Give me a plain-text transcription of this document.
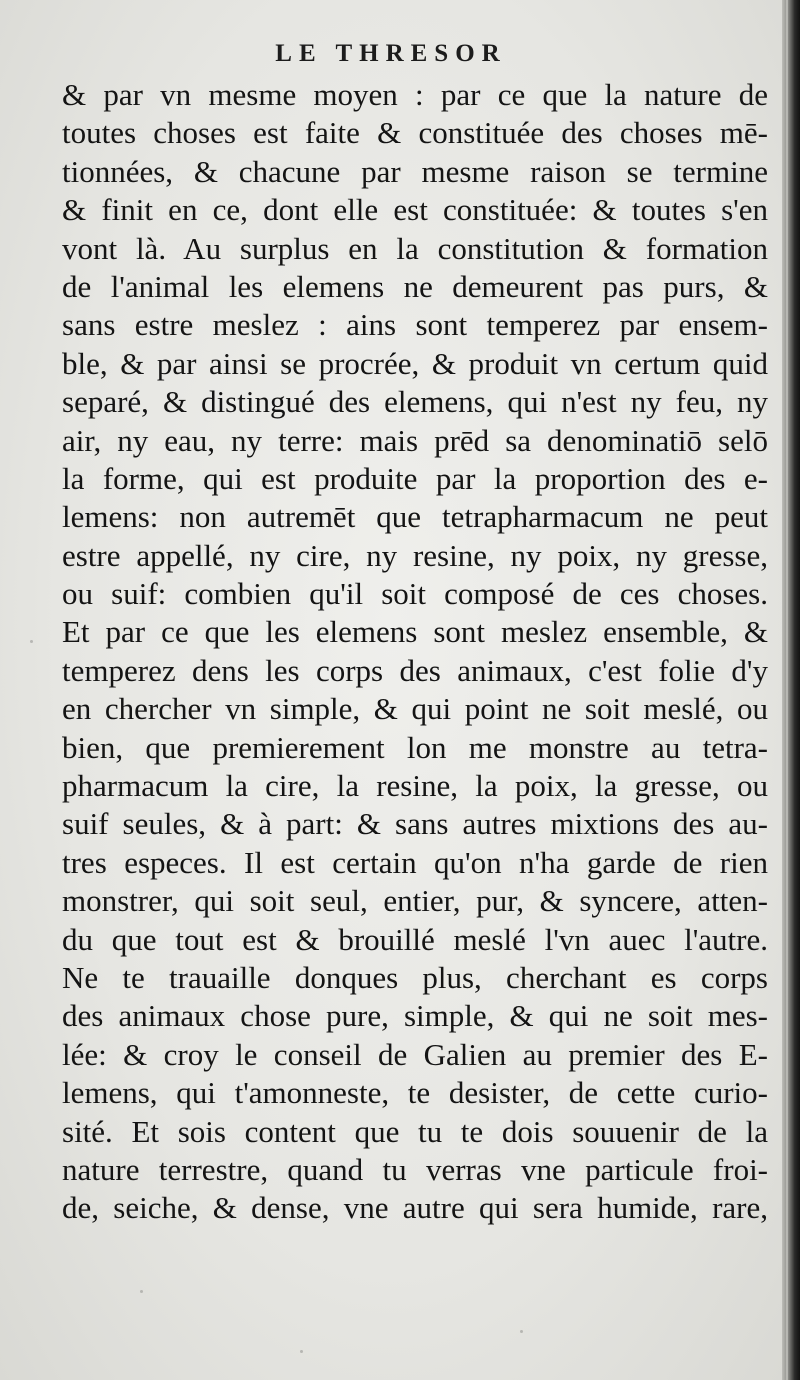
LE THRESOR
& par vn mesme moyen : par ce que la nature de
toutes choses est faite & constituée des choses mē-
tionnées, & chacune par mesme raison se termine
& finit en ce, dont elle est constituée: & toutes s'en
vont là. Au surplus en la constitution & formation
de l'animal les elemens ne demeurent pas purs, &
sans estre meslez : ains sont temperez par ensem-
ble, & par ainsi se procrée, & produit vn certum quid
separé, & distingué des elemens, qui n'est ny feu, ny
air, ny eau, ny terre: mais prēd sa denominatiō selō
la forme, qui est produite par la proportion des e-
lemens: non autremēt que tetrapharmacum ne peut
estre appellé, ny cire, ny resine, ny poix, ny gresse,
ou suif: combien qu'il soit composé de ces choses.
Et par ce que les elemens sont meslez ensemble, &
temperez dens les corps des animaux, c'est folie d'y
en chercher vn simple, & qui point ne soit meslé, ou
bien, que premierement lon me monstre au tetra-
pharmacum la cire, la resine, la poix, la gresse, ou
suif seules, & à part: & sans autres mixtions des au-
tres especes. Il est certain qu'on n'ha garde de rien
monstrer, qui soit seul, entier, pur, & syncere, atten-
du que tout est & brouillé meslé l'vn auec l'autre.
Ne te trauaille donques plus, cherchant es corps
des animaux chose pure, simple, & qui ne soit mes-
lée: & croy le conseil de Galien au premier des E-
lemens, qui t'amonneste, te desister, de cette curio-
sité. Et sois content que tu te dois souuenir de la
nature terrestre, quand tu verras vne particule froi-
de, seiche, & dense, vne autre qui sera humide, rare,
